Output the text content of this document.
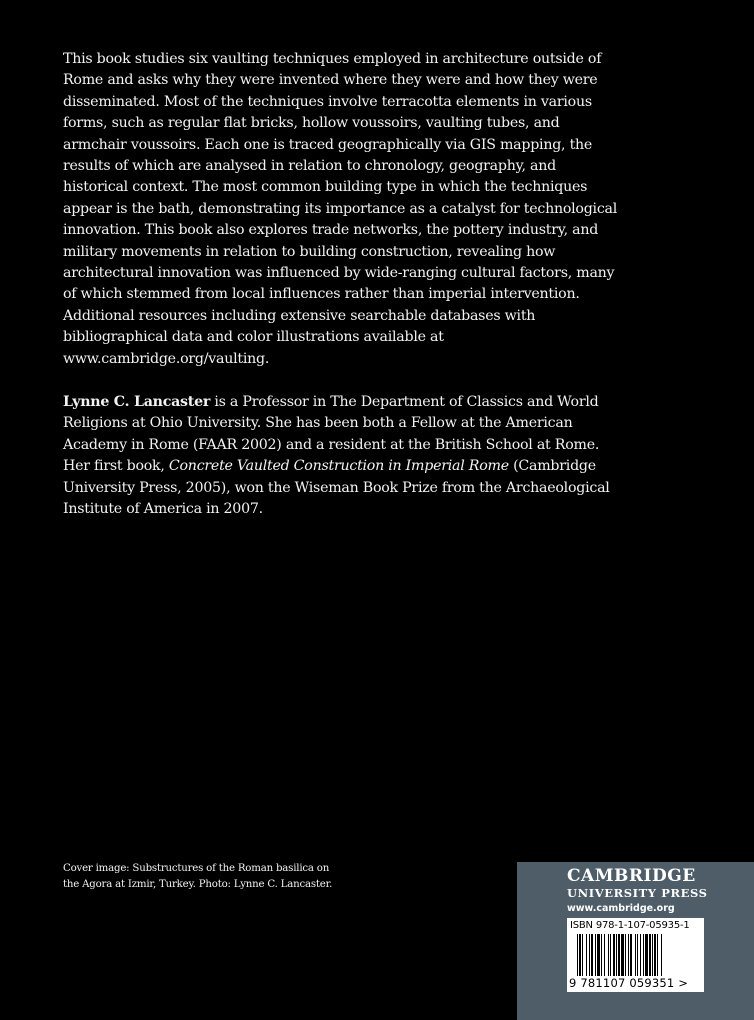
This book studies six vaulting techniques employed in architecture outside of Rome and asks why they were invented where they were and how they were disseminated. Most of the techniques involve terracotta elements in various forms, such as regular flat bricks, hollow voussoirs, vaulting tubes, and armchair voussoirs. Each one is traced geographically via GIS mapping, the results of which are analysed in relation to chronology, geography, and historical context. The most common building type in which the techniques appear is the bath, demonstrating its importance as a catalyst for technological innovation. This book also explores trade networks, the pottery industry, and military movements in relation to building construction, revealing how architectural innovation was influenced by wide-ranging cultural factors, many of which stemmed from local influences rather than imperial intervention.

Additional resources including extensive searchable databases with bibliographical data and color illustrations available at www.cambridge.org/vaulting.

Lynne C. Lancaster is a Professor in The Department of Classics and World Religions at Ohio University. She has been both a Fellow at the American Academy in Rome (FAAR 2002) and a resident at the British School at Rome. Her first book, Concrete Vaulted Construction in Imperial Rome (Cambridge University Press, 2005), won the Wiseman Book Prize from the Archaeological Institute of America in 2007.

Cover image: Substructures of the Roman basilica on the Agora at Izmir, Turkey. Photo: Lynne C. Lancaster.	CAMBRIDGE
UNIVERSITY PRESS
www.cambridge.org
ISBN 978-1-107-05935-1
9 781107 059351 >
